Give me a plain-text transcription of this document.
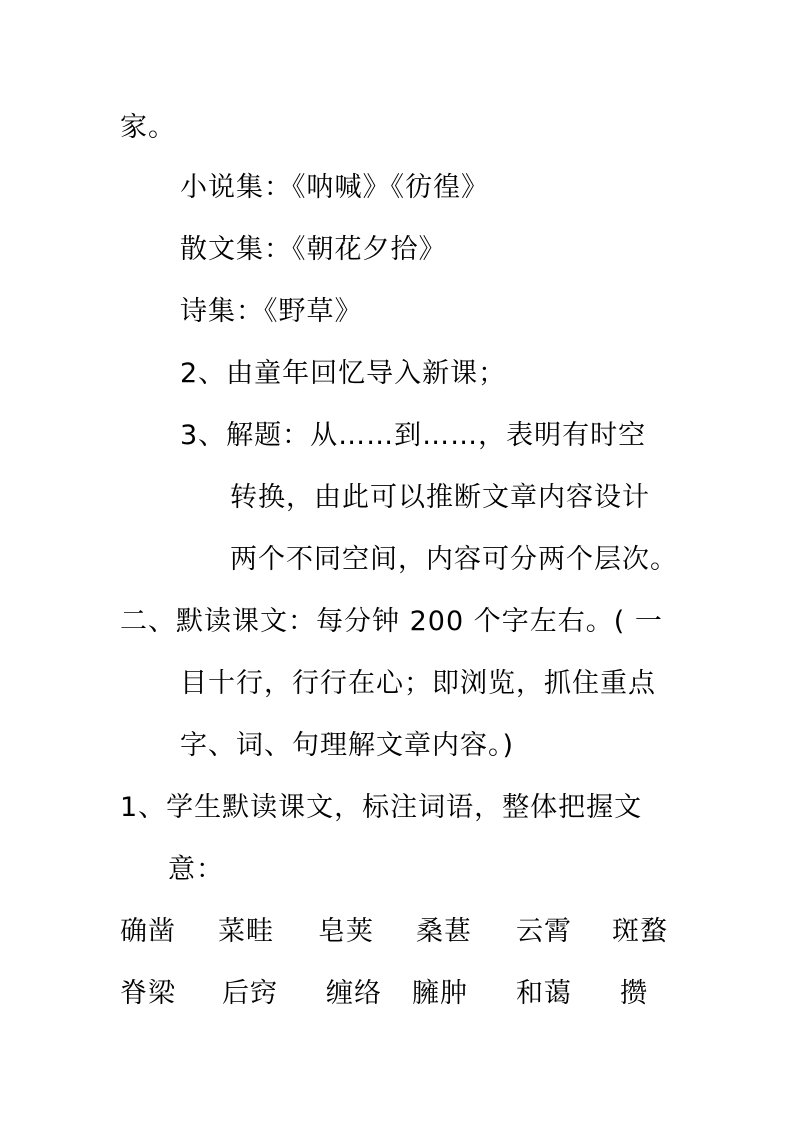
家。
小说集：《呐喊》《彷徨》
散文集：《朝花夕拾》
诗集：《野草》
2、由童年回忆导入新课；
3、解题：从……到……，表明有时空
转换，由此可以推断文章内容设计
两个不同空间，内容可分两个层次。
二、默读课文：每分钟 200 个字左右。( 一
目十行，行行在心；即浏览，抓住重点
字、词、句理解文章内容。)
1、学生默读课文，标注词语，整体把握文
意：
确凿 菜畦 皂荚 桑葚 云霄 斑蝥
脊梁 后窍 缠络 臃肿 和蔼 攒
